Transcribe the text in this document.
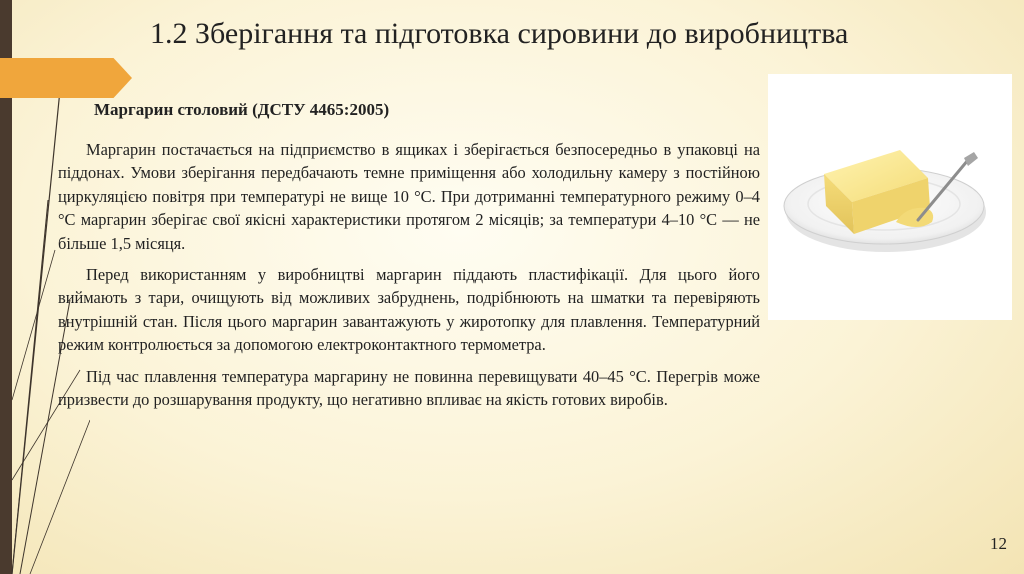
1.2 Зберігання та підготовка сировини до виробництва
Маргарин столовий (ДСТУ 4465:2005)

Маргарин постачається на підприємство в ящиках і зберігається безпосередньо в упаковці на піддонах. Умови зберігання передбачають темне приміщення або холодильну камеру з постійною циркуляцією повітря при температурі не вище 10 °С. При дотриманні температурного режиму 0–4 °С маргарин зберігає свої якісні характеристики протягом 2 місяців; за температури 4–10 °С — не більше 1,5 місяця.

Перед використанням у виробництві маргарин піддають пластифікації. Для цього його виймають з тари, очищують від можливих забруднень, подрібнюють на шматки та перевіряють внутрішній стан. Після цього маргарин завантажують у жиротопку для плавлення. Температурний режим контролюється за допомогою електроконтактного термометра.

Під час плавлення температура маргарину не повинна перевищувати 40–45 °С. Перегрів може призвести до розшарування продукту, що негативно впливає на якість готових виробів.

12
